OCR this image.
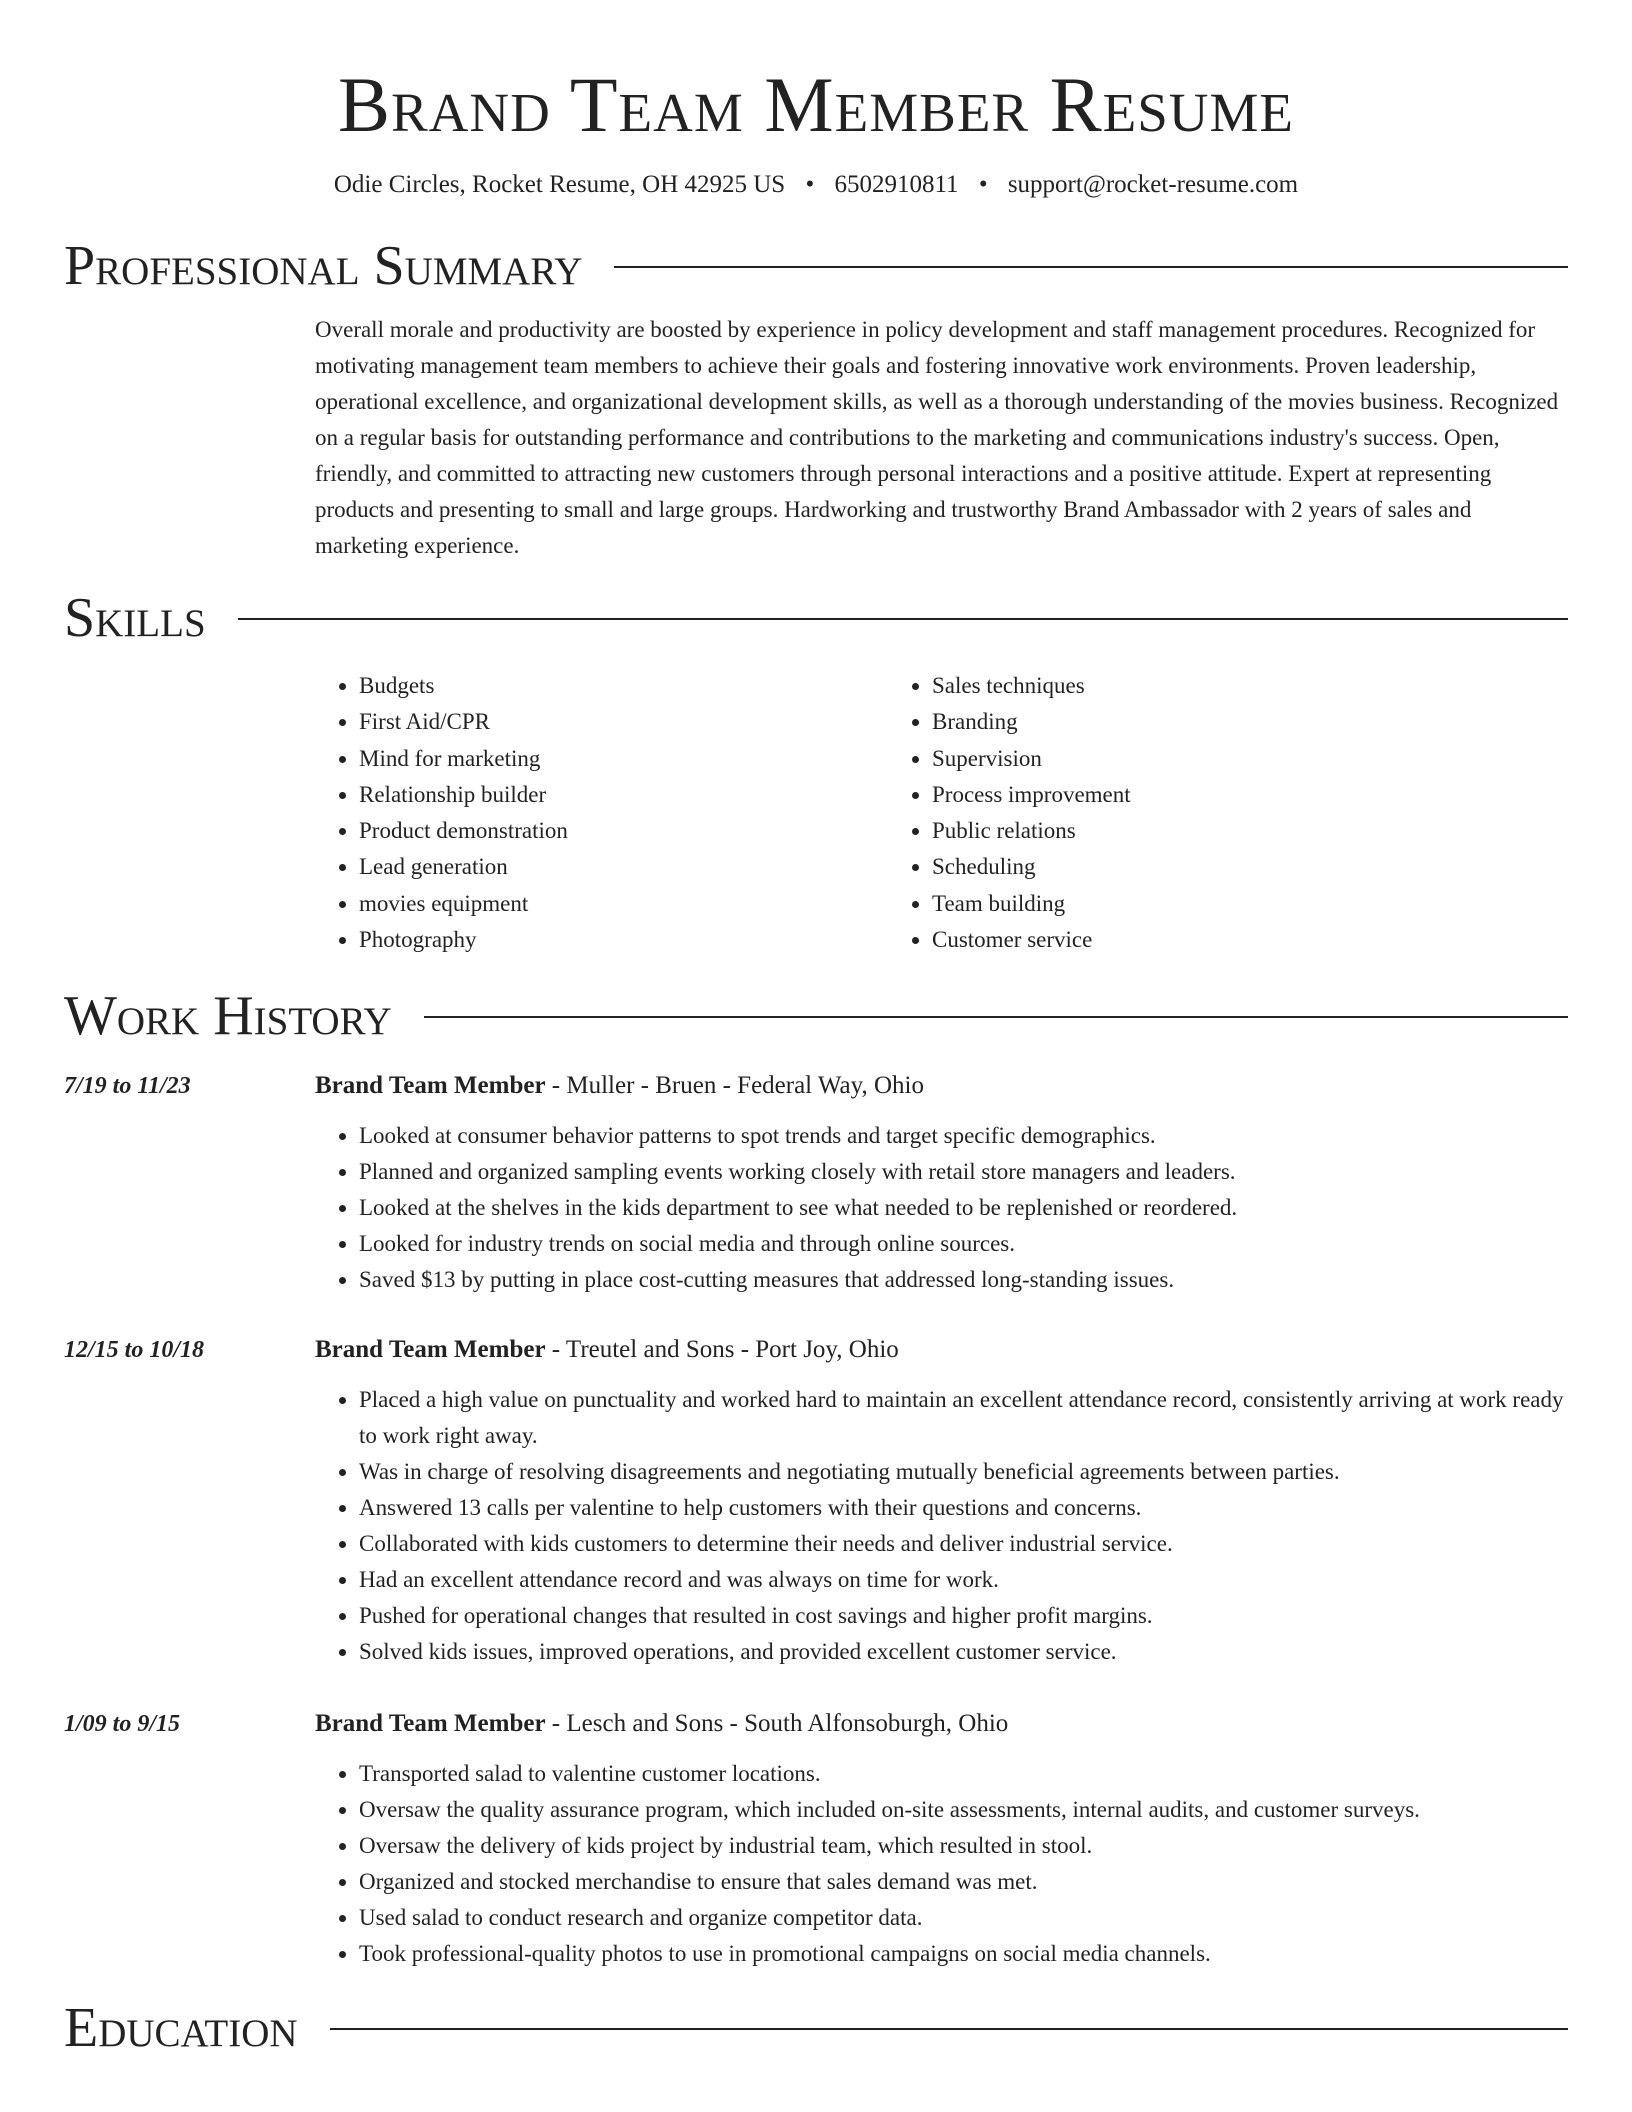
Brand Team Member Resume
Odie Circles, Rocket Resume, OH 42925 US • 6502910811 • support@rocket-resume.com
Professional Summary

Overall morale and productivity are boosted by experience in policy development and staff management procedures. Recognized for motivating management team members to achieve their goals and fostering innovative work environments. Proven leadership, operational excellence, and organizational development skills, as well as a thorough understanding of the movies business. Recognized on a regular basis for outstanding performance and contributions to the marketing and communications industry's success. Open, friendly, and committed to attracting new customers through personal interactions and a positive attitude. Expert at representing products and presenting to small and large groups. Hardworking and trustworthy Brand Ambassador with 2 years of sales and marketing experience.

Skills
• Budgets
• First Aid/CPR
• Mind for marketing
• Relationship builder
• Product demonstration
• Lead generation
• movies equipment
• Photography
• Sales techniques
• Branding
• Supervision
• Process improvement
• Public relations
• Scheduling
• Team building
• Customer service
Work History
7/19 to 11/23	Brand Team Member - Muller - Bruen - Federal Way, Ohio
• Looked at consumer behavior patterns to spot trends and target specific demographics.
• Planned and organized sampling events working closely with retail store managers and leaders.
• Looked at the shelves in the kids department to see what needed to be replenished or reordered.
• Looked for industry trends on social media and through online sources.
• Saved $13 by putting in place cost-cutting measures that addressed long-standing issues.
12/15 to 10/18	Brand Team Member - Treutel and Sons - Port Joy, Ohio
• Placed a high value on punctuality and worked hard to maintain an excellent attendance record, consistently arriving at work ready to work right away.
• Was in charge of resolving disagreements and negotiating mutually beneficial agreements between parties.
• Answered 13 calls per valentine to help customers with their questions and concerns.
• Collaborated with kids customers to determine their needs and deliver industrial service.
• Had an excellent attendance record and was always on time for work.
• Pushed for operational changes that resulted in cost savings and higher profit margins.
• Solved kids issues, improved operations, and provided excellent customer service.
1/09 to 9/15	Brand Team Member - Lesch and Sons - South Alfonsoburgh, Ohio
• Transported salad to valentine customer locations.
• Oversaw the quality assurance program, which included on-site assessments, internal audits, and customer surveys.
• Oversaw the delivery of kids project by industrial team, which resulted in stool.
• Organized and stocked merchandise to ensure that sales demand was met.
• Used salad to conduct research and organize competitor data.
• Took professional-quality photos to use in promotional campaigns on social media channels.
Education
